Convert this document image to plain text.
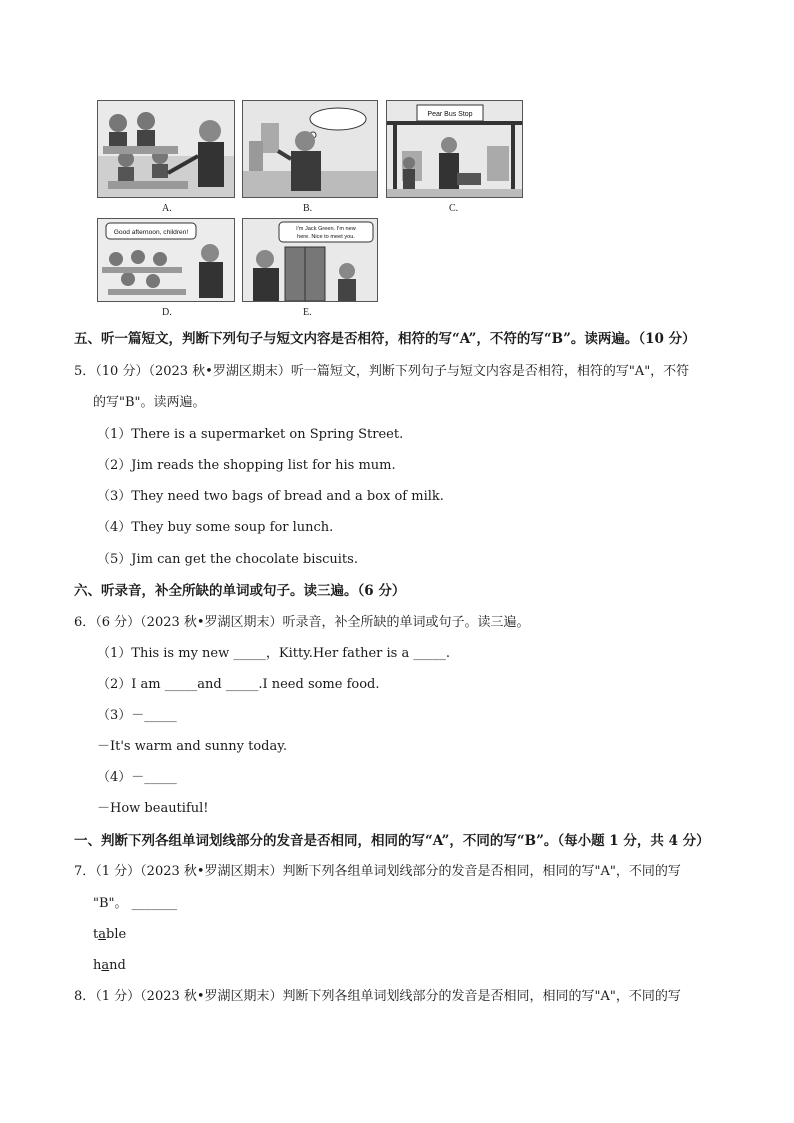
A.	B.
Pear Bus Stop
C.
Good afternoon, children!
D.
I'm Jack Green. I'm new
here. Nice to meet you.
E.
五、听一篇短文，判断下列句子与短文内容是否相符，相符的写“A”，不符的写“B”。读两遍。（10 分）
5．（10 分）（2023 秋•罗湖区期末）听一篇短文，判断下列句子与短文内容是否相符，相符的写"A"，不符
的写"B"。读两遍。
（1）There is a supermarket on Spring Street.
（2）Jim reads the shopping list for his mum.
（3）They need two bags of bread and a box of milk.
（4）They buy some soup for lunch.
（5）Jim can get the chocolate biscuits.
六、听录音，补全所缺的单词或句子。读三遍。（6 分）
6．（6 分）（2023 秋•罗湖区期末）听录音，补全所缺的单词或句子。读三遍。
（1）This is my new _____，Kitty.Her father is a _____.
（2）I am _____and _____.I need some food.
（3）－_____
－It's warm and sunny today.
（4）－_____
－How beautiful!
一、判断下列各组单词划线部分的发音是否相同，相同的写“A”，不同的写“B”。（每小题 1 分，共 4 分）
7．（1 分）（2023 秋•罗湖区期末）判断下列各组单词划线部分的发音是否相同，相同的写"A"，不同的写
"B"。 _______
table
hand
8．（1 分）（2023 秋•罗湖区期末）判断下列各组单词划线部分的发音是否相同，相同的写"A"，不同的写
